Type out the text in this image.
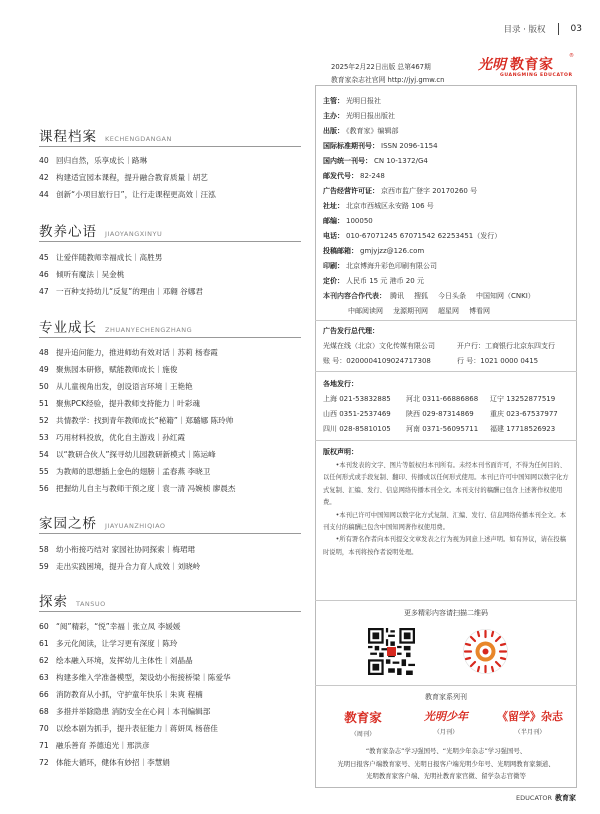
目录 · 版权	03
课程档案 KECHENGDANGAN
40 回归自然，乐享成长｜路琳
42 构建适宜园本课程，提升融合教育质量｜胡艺
44 创新“小项目旅行日”，让行走课程更高效｜汪泓
教养心语 JIAOYANGXINYU
45 让爱伴随教师幸福成长｜高胜男
46 倾听有魔法｜吴金桃
47 一百种支持幼儿“反复”的理由｜邓翱 谷娜君
专业成长 ZHUANYECHENGZHANG
48 提升追问能力，推进师幼有效对话｜苏莉 杨春霞
49 聚焦园本研修，赋能教师成长｜施俊
50 从儿童视角出发，创设语言环境｜王艳艳
51 聚焦PCK经验，提升教师支持能力｜叶彩魂
52 共情教学：找到青年教师成长“秘籍”｜郑璐娜 陈玲帅
53 巧用材料投放，优化自主游戏｜孙红霞
54 以“教研合伙人”探寻幼儿园教研新模式｜陈运峰
55 为教师的思想插上金色的翅膀｜孟春燕 李晓卫
56 把握幼儿自主与教师干预之度｜袁一清 冯婉桢 廖晨杰
家园之桥 JIAYUANZHIQIAO
58 幼小衔接巧结对 家园社协同探索｜梅珺珺
59 走出实践困境，提升合力育人成效｜刘晓岭
探索 TANSUO
60 “阅”精彩，“悦”幸福｜张立凤 李媛媛
61 多元化阅读，让学习更有深度｜陈玲
62 绘本融入环境，发挥幼儿主体性｜刘晶晶
63 构建多维入学准备模型，架设幼小衔接桥梁｜陈爱华
66 消防教育从小抓，守护童年快乐｜朱爽 程楠
68 多措并举除隐患 消防安全在心间｜本刊编辑部
70 以绘本剧为抓手，提升表征能力｜蒋妍凤 杨蓓佳
71 融乐善育 养德追光｜邢洪彦
72 体能大循环，健体有妙招｜李慧娟
2025年2月22日出版 总第467期
教育家杂志社官网 http://jyj.gmw.cn
光明 教育家
®
GUANGMING EDUCATOR
主管： 光明日报社
主办： 光明日报出版社
出版： 《教育家》编辑部
国际标准期刊号： ISSN 2096-1154
国内统一刊号： CN 10-1372/G4
邮发代号： 82-248
广告经营许可证： 京西市监广登字 20170260 号
社址： 北京市西城区永安路 106 号
邮编： 100050
电话： 010-67071245 67071542 62253451（发行）
投稿邮箱： gmjyjzz@126.com
印刷： 北京博海升彩色印刷有限公司
定价： 人民币 15 元 港币 20 元
本刊内容合作代表： 腾讯 搜狐 今日头条 中国知网（CNKI）
中邮阅读网 龙源期刊网 超星网 博看网
广告发行总代理：
光煤在线（北京）文化传媒有限公司	开户行：工商银行北京东四支行
账 号：0200004109024717308	行 号：1021 0000 0415
各地发行：
上海 021-53832885 河北 0311-66886868 辽宁 13252877519
山西 0351-2537469 陕西 029-87314869 重庆 023-67537977
四川 028-85810105 河南 0371-56095711 福建 17718526923
版权声明：

•本刊发表的文字、图片等版权归本刊所有。未经本刊书面许可，不得为任何目的、以任何形式或手段复制、翻印、传播或以任何形式使用。本刊已许可中国知网以数字化方式复制、汇编、发行、信息网络传播本刊全文。本刊支付的稿酬已包含上述著作权使用费。

•本刊已许可中国知网以数字化方式复制、汇编、发行、信息网络传播本刊全文。本刊支付的稿酬已包含中国知网著作权使用费。

•所有署名作者向本刊提交文章发表之行为视为同意上述声明。如有异议，请在投稿时说明，本刊将按作者说明处理。

更多精彩内容请扫描二维码
教育家系列刊
教育家
（周刊）
光明少年
（月刊）
《留学》杂志
（半月刊）
“教育家杂志”学习强国号、“光明少年杂志”学习强国号、
光明日报客户端教育家号、光明日报客户端光明少年号、光明网教育家频道、
光明教育家客户端、光明社教育家官微、留学杂志官微等
EDUCATOR 教育家
